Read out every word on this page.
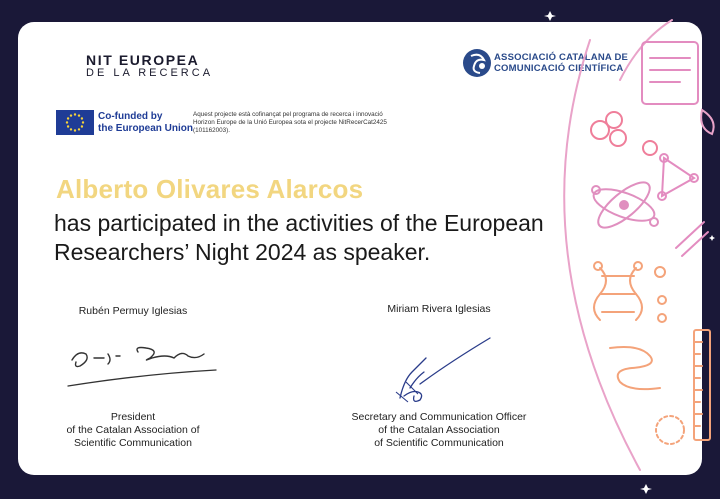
NIT EUROPEA
DE LA RECERCA
ASSOCIACIÓ CATALANA DE
COMUNICACIÓ CIENTÍFICA
Co-funded by
the European Union
Aquest projecte està cofinançat pel programa de recerca i innovació Horizon Europe de la Unió Europea sota el projecte NitRecerCat2425 (101162003).
Alberto Olivares Alarcos
has participated in the activities of the European Researchers’ Night 2024 as speaker.
Rubén Permuy Iglesias
President
of the Catalan Association of
Scientific Communication
Miriam Rivera Iglesias
Secretary and Communication Officer
of the Catalan Association
of Scientific Communication
